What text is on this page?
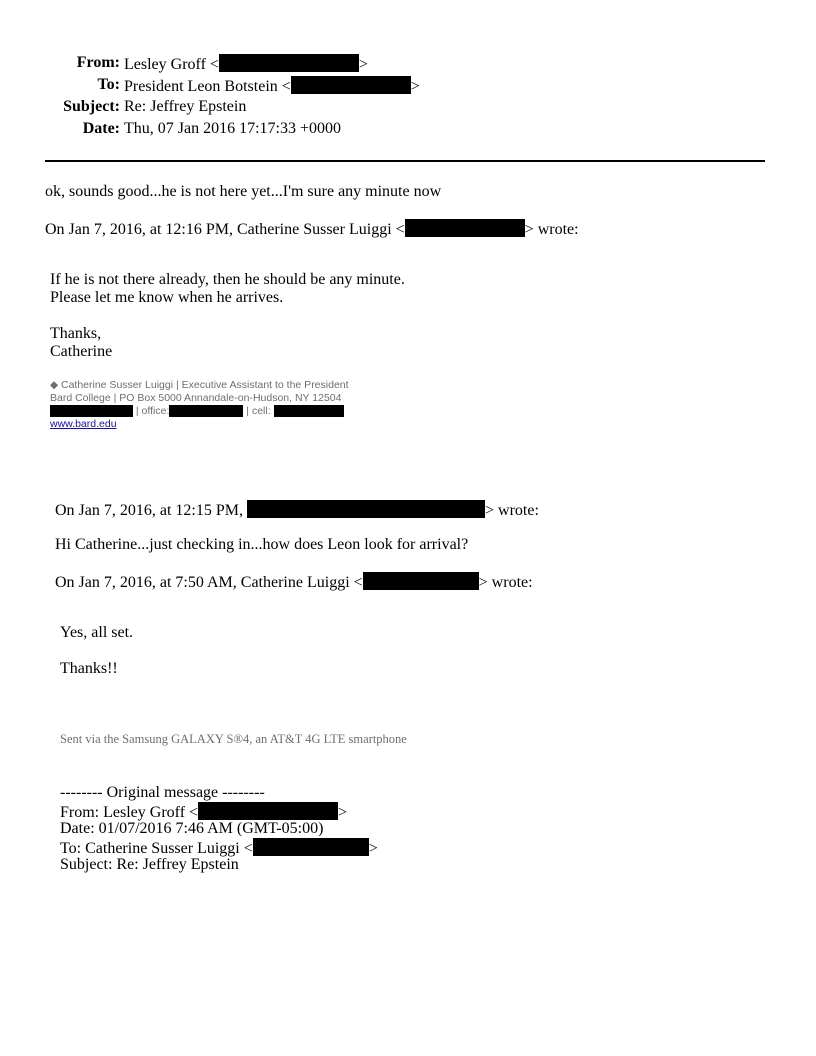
From: Lesley Groff <	>
To: President Leon Botstein <	>
Subject: Re: Jeffrey Epstein
Date: Thu, 07 Jan 2016 17:17:33 +0000
ok, sounds good...he is not here yet...I'm sure any minute now
On Jan 7, 2016, at 12:16 PM, Catherine Susser Luiggi <	> wrote:
If he is not there already, then he should be any minute.
Please let me know when he arrives.
Thanks,
Catherine
◆ Catherine Susser Luiggi | Executive Assistant to the President
Bard College | PO Box 5000 Annandale-on-Hudson, NY 12504
| office:	| cell:
www.bard.edu
On Jan 7, 2016, at 12:15 PM,	> wrote:
Hi Catherine...just checking in...how does Leon look for arrival?
On Jan 7, 2016, at 7:50 AM, Catherine Luiggi <	> wrote:
Yes, all set.
Thanks!!
Sent via the Samsung GALAXY S®4, an AT&T 4G LTE smartphone
-------- Original message --------
From: Lesley Groff <	>
Date: 01/07/2016 7:46 AM (GMT-05:00)
To: Catherine Susser Luiggi <	>
Subject: Re: Jeffrey Epstein
